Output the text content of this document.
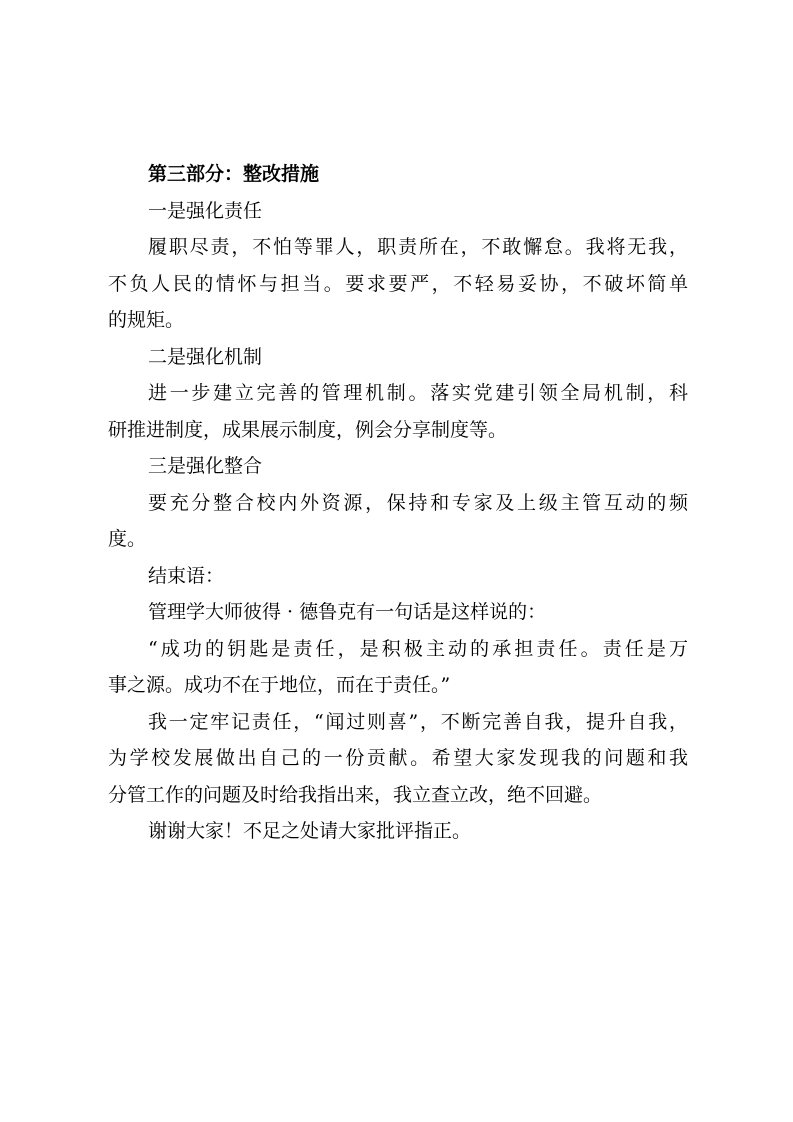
第三部分：整改措施
一是强化责任
履职尽责，不怕等罪人，职责所在，不敢懈怠。我将无我，
不负人民的情怀与担当。要求要严，不轻易妥协，不破坏简单
的规矩。
二是强化机制
进一步建立完善的管理机制。落实党建引领全局机制，科
研推进制度，成果展示制度，例会分享制度等。
三是强化整合
要充分整合校内外资源，保持和专家及上级主管互动的频
度。
结束语：
管理学大师彼得 · 德鲁克有一句话是这样说的：
“成功的钥匙是责任，是积极主动的承担责任。责任是万
事之源。成功不在于地位，而在于责任。”
我一定牢记责任，“闻过则喜”，不断完善自我，提升自我，
为学校发展做出自己的一份贡献。希望大家发现我的问题和我
分管工作的问题及时给我指出来，我立查立改，绝不回避。
谢谢大家！不足之处请大家批评指正。
